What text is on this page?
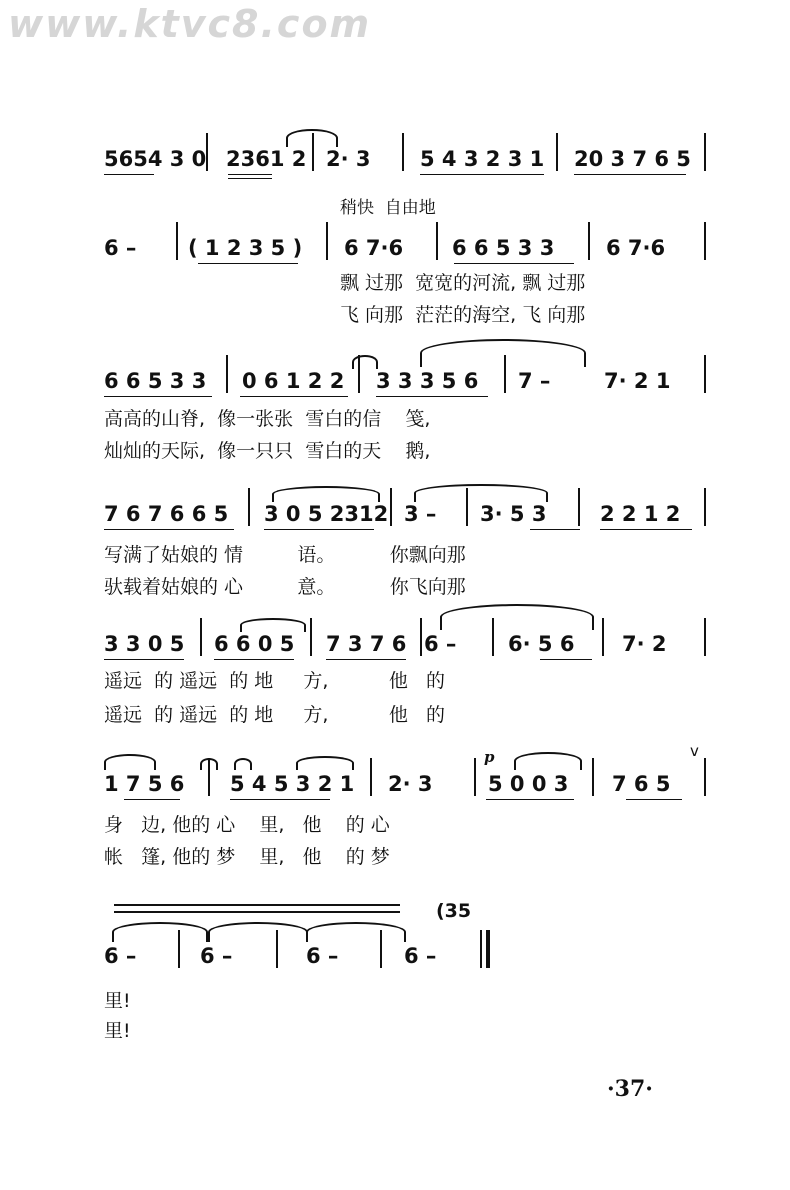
www.ktvc8.com
5654 3 0 2361 2 2· 3 5 4 3 2 3 1 20 3 7 6 5
稍快  自由地
6 – ( 1 2 3 5 ) 6 7·6 6 6 5 3 3 6 7·6
飘 过那  宽宽的河流, 飘 过那
飞 向那  茫茫的海空, 飞 向那
6 6 5 3 3 0 6 1 2 2 3 3 3 5 6 7 –	7· 2 1
高高的山脊,  像一张张  雪白的信    笺,
灿灿的天际,  像一只只  雪白的天    鹅,
7 6 7 6 6 5 3 0 5 2312 3 – 3· 5 3	2 2 1 2
写满了姑娘的 情         语。         你飘向那
驮载着姑娘的 心         意。         你飞向那
3 3 0 5 6 6 0 5 7 3 7 6 6 – 6· 5 6 7· 2
遥远  的 遥远  的 地     方,          他   的
遥远  的 遥远  的 地     方,          他   的
p	v
1 7 5 6 5 4 5 3 2 1 2· 3	5 0 0 3 7 6 5
身   边, 他的 心    里,   他    的 心
帐   篷, 他的 梦    里,   他    的 梦
(35
6 –	6 –	6 –	6 –
里!
里!
·37·
